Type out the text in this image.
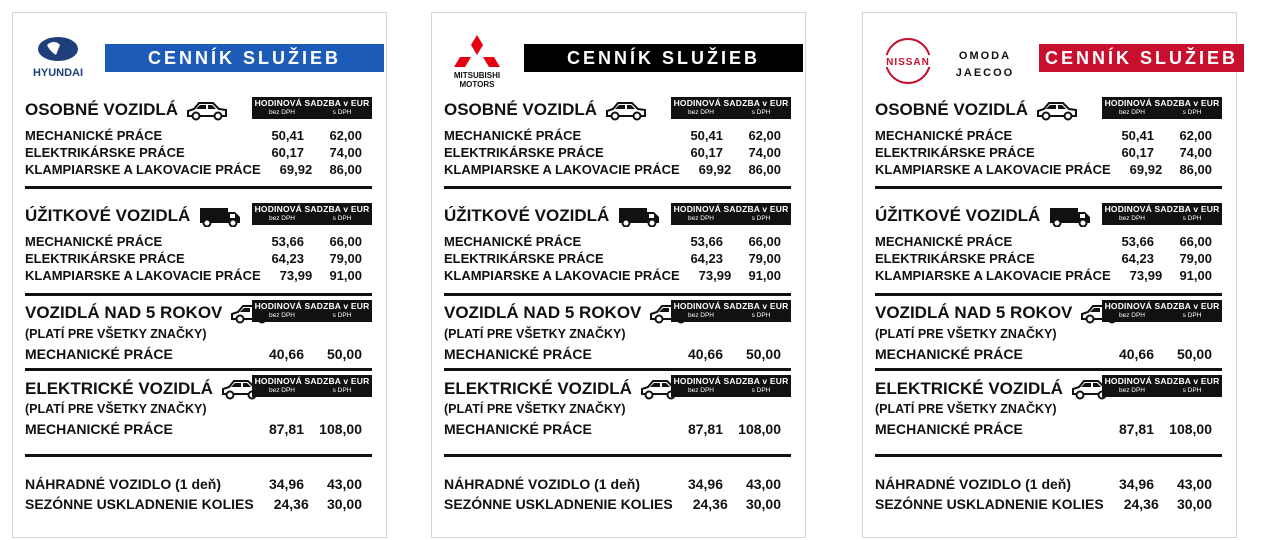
HYUNDAI
CENNÍK SLUŽIEB
OSOBNÉ VOZIDLÁ	HODINOVÁ SADZBA v EUR
bez DPH	s DPH
MECHANICKÉ PRÁCE	50,41	62,00
ELEKTRIKÁRSKE PRÁCE	60,17	74,00
KLAMPIARSKE A LAKOVACIE PRÁCE	69,92	86,00
ÚŽITKOVÉ VOZIDLÁ	HODINOVÁ SADZBA v EUR
bez DPH	s DPH
MECHANICKÉ PRÁCE	53,66	66,00
ELEKTRIKÁRSKE PRÁCE	64,23	79,00
KLAMPIARSKE A LAKOVACIE PRÁCE	73,99	91,00
VOZIDLÁ NAD 5 ROKOV	HODINOVÁ SADZBA v EUR
bez DPH	s DPH
(PLATÍ PRE VŠETKY ZNAČKY)
MECHANICKÉ PRÁCE	40,66	50,00
ELEKTRICKÉ VOZIDLÁ	HODINOVÁ SADZBA v EUR
bez DPH	s DPH
(PLATÍ PRE VŠETKY ZNAČKY)
MECHANICKÉ PRÁCE	87,81	108,00
NÁHRADNÉ VOZIDLO (1 deň)	34,96	43,00
SEZÓNNE USKLADNENIE KOLIES	24,36	30,00
MITSUBISHI
MOTORS
CENNÍK SLUŽIEB
OSOBNÉ VOZIDLÁ	HODINOVÁ SADZBA v EUR
bez DPH	s DPH
MECHANICKÉ PRÁCE	50,41	62,00
ELEKTRIKÁRSKE PRÁCE	60,17	74,00
KLAMPIARSKE A LAKOVACIE PRÁCE	69,92	86,00
ÚŽITKOVÉ VOZIDLÁ	HODINOVÁ SADZBA v EUR
bez DPH	s DPH
MECHANICKÉ PRÁCE	53,66	66,00
ELEKTRIKÁRSKE PRÁCE	64,23	79,00
KLAMPIARSKE A LAKOVACIE PRÁCE	73,99	91,00
VOZIDLÁ NAD 5 ROKOV	HODINOVÁ SADZBA v EUR
bez DPH	s DPH
(PLATÍ PRE VŠETKY ZNAČKY)
MECHANICKÉ PRÁCE	40,66	50,00
ELEKTRICKÉ VOZIDLÁ	HODINOVÁ SADZBA v EUR
bez DPH	s DPH
(PLATÍ PRE VŠETKY ZNAČKY)
MECHANICKÉ PRÁCE	87,81	108,00
NÁHRADNÉ VOZIDLO (1 deň)	34,96	43,00
SEZÓNNE USKLADNENIE KOLIES	24,36	30,00
NISSAN
OMODA
JAECOO
CENNÍK SLUŽIEB
OSOBNÉ VOZIDLÁ	HODINOVÁ SADZBA v EUR
bez DPH	s DPH
MECHANICKÉ PRÁCE	50,41	62,00
ELEKTRIKÁRSKE PRÁCE	60,17	74,00
KLAMPIARSKE A LAKOVACIE PRÁCE	69,92	86,00
ÚŽITKOVÉ VOZIDLÁ	HODINOVÁ SADZBA v EUR
bez DPH	s DPH
MECHANICKÉ PRÁCE	53,66	66,00
ELEKTRIKÁRSKE PRÁCE	64,23	79,00
KLAMPIARSKE A LAKOVACIE PRÁCE	73,99	91,00
VOZIDLÁ NAD 5 ROKOV	HODINOVÁ SADZBA v EUR
bez DPH	s DPH
(PLATÍ PRE VŠETKY ZNAČKY)
MECHANICKÉ PRÁCE	40,66	50,00
ELEKTRICKÉ VOZIDLÁ	HODINOVÁ SADZBA v EUR
bez DPH	s DPH
(PLATÍ PRE VŠETKY ZNAČKY)
MECHANICKÉ PRÁCE	87,81	108,00
NÁHRADNÉ VOZIDLO (1 deň)	34,96	43,00
SEZÓNNE USKLADNENIE KOLIES	24,36	30,00
